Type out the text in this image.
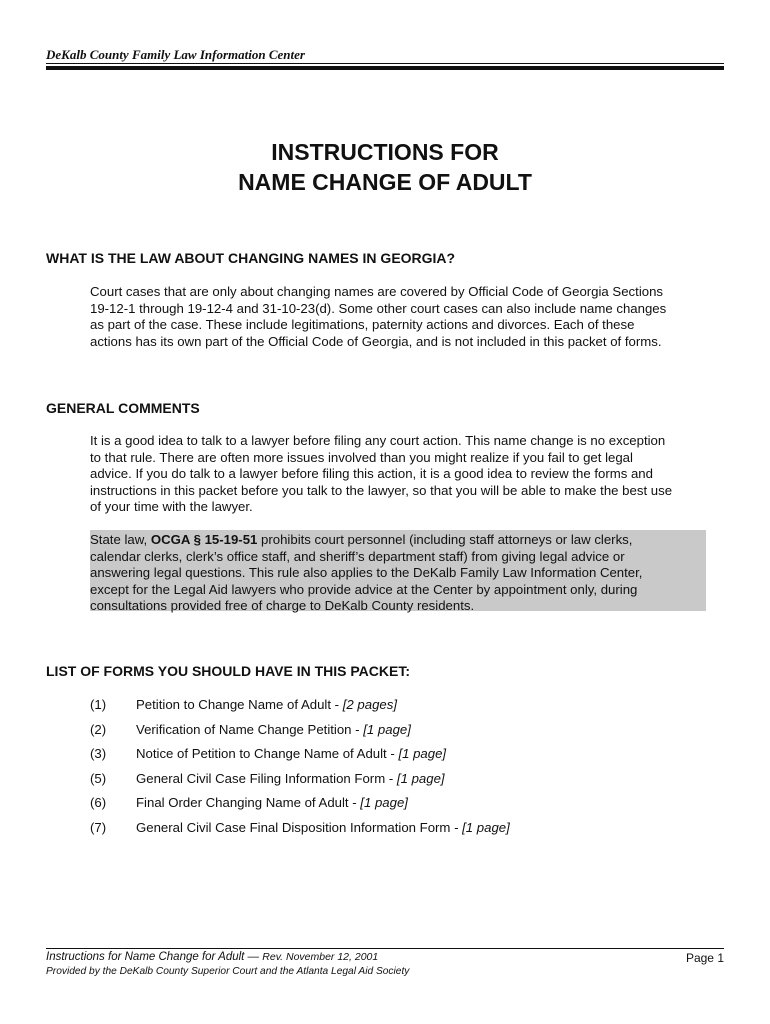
DeKalb County Family Law Information Center
INSTRUCTIONS FOR
NAME CHANGE OF ADULT
WHAT IS THE LAW ABOUT CHANGING NAMES IN GEORGIA?
Court cases that are only about changing names are covered by Official Code of Georgia Sections
19-12-1 through 19-12-4 and 31-10-23(d). Some other court cases can also include name changes
as part of the case. These include legitimations, paternity actions and divorces. Each of these
actions has its own part of the Official Code of Georgia, and is not included in this packet of forms.
GENERAL COMMENTS
It is a good idea to talk to a lawyer before filing any court action. This name change is no exception
to that rule. There are often more issues involved than you might realize if you fail to get legal
advice. If you do talk to a lawyer before filing this action, it is a good idea to review the forms and
instructions in this packet before you talk to the lawyer, so that you will be able to make the best use
of your time with the lawyer.
State law, OCGA § 15-19-51 prohibits court personnel (including staff attorneys or law clerks,
calendar clerks, clerk’s office staff, and sheriff’s department staff) from giving legal advice or
answering legal questions. This rule also applies to the DeKalb Family Law Information Center,
except for the Legal Aid lawyers who provide advice at the Center by appointment only, during
consultations provided free of charge to DeKalb County residents.
LIST OF FORMS YOU SHOULD HAVE IN THIS PACKET:
(1) Petition to Change Name of Adult - [2 pages]
(2) Verification of Name Change Petition - [1 page]
(3) Notice of Petition to Change Name of Adult - [1 page]
(5) General Civil Case Filing Information Form - [1 page]
(6) Final Order Changing Name of Adult - [1 page]
(7) General Civil Case Final Disposition Information Form - [1 page]
Instructions for Name Change for Adult — Rev. November 12, 2001	Page 1
Provided by the DeKalb County Superior Court and the Atlanta Legal Aid Society
